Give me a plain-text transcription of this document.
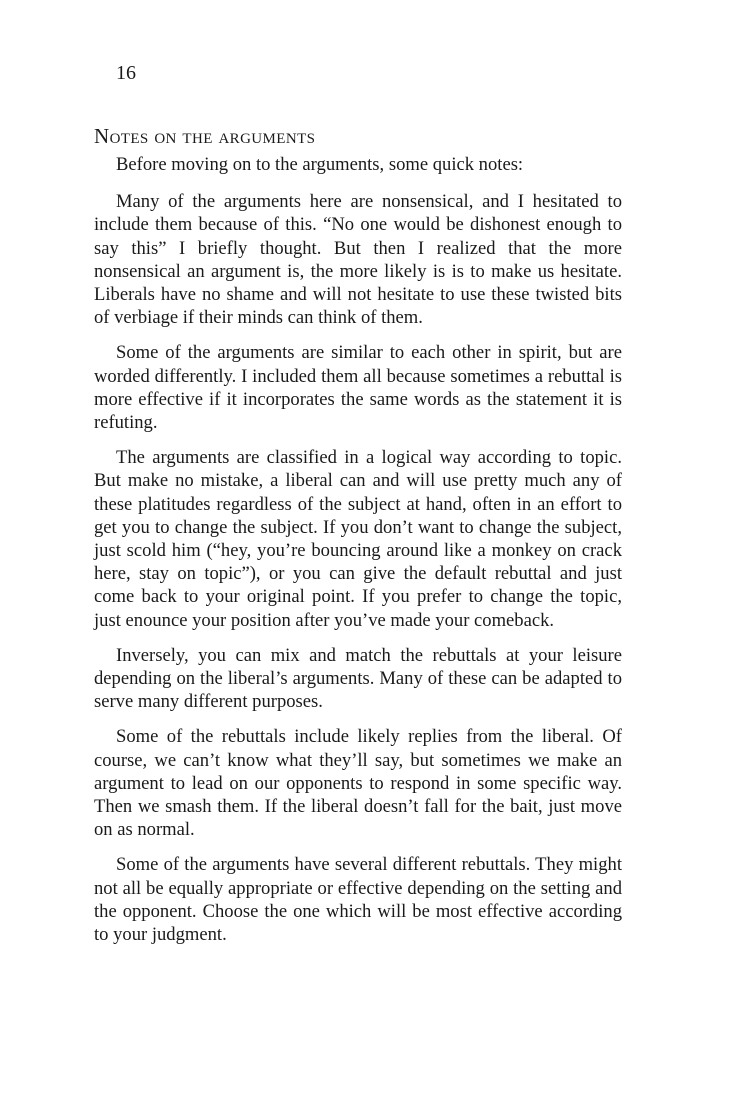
16
Notes on the arguments

Before moving on to the arguments, some quick notes:

Many of the arguments here are nonsensical, and I hesitated to include them because of this. “No one would be dishonest enough to say this” I briefly thought. But then I realized that the more nonsensical an argument is, the more likely is is to make us hesitate. Liberals have no shame and will not hesitate to use these twisted bits of verbiage if their minds can think of them.

Some of the arguments are similar to each other in spirit, but are worded differently. I included them all because sometimes a rebuttal is more effective if it incorporates the same words as the statement it is refuting.

The arguments are classified in a logical way according to topic. But make no mistake, a liberal can and will use pretty much any of these platitudes regardless of the subject at hand, often in an effort to get you to change the subject. If you don’t want to change the subject, just scold him (“hey, you’re bouncing around like a monkey on crack here, stay on topic”), or you can give the default rebuttal and just come back to your original point. If you prefer to change the topic, just enounce your position after you’ve made your comeback.

Inversely, you can mix and match the rebuttals at your leisure depending on the liberal’s arguments. Many of these can be adapted to serve many different purposes.

Some of the rebuttals include likely replies from the liberal. Of course, we can’t know what they’ll say, but sometimes we make an argument to lead on our opponents to respond in some specific way. Then we smash them. If the liberal doesn’t fall for the bait, just move on as normal.

Some of the arguments have several different rebuttals. They might not all be equally appropriate or effective depending on the setting and the opponent. Choose the one which will be most effective according to your judgment.
